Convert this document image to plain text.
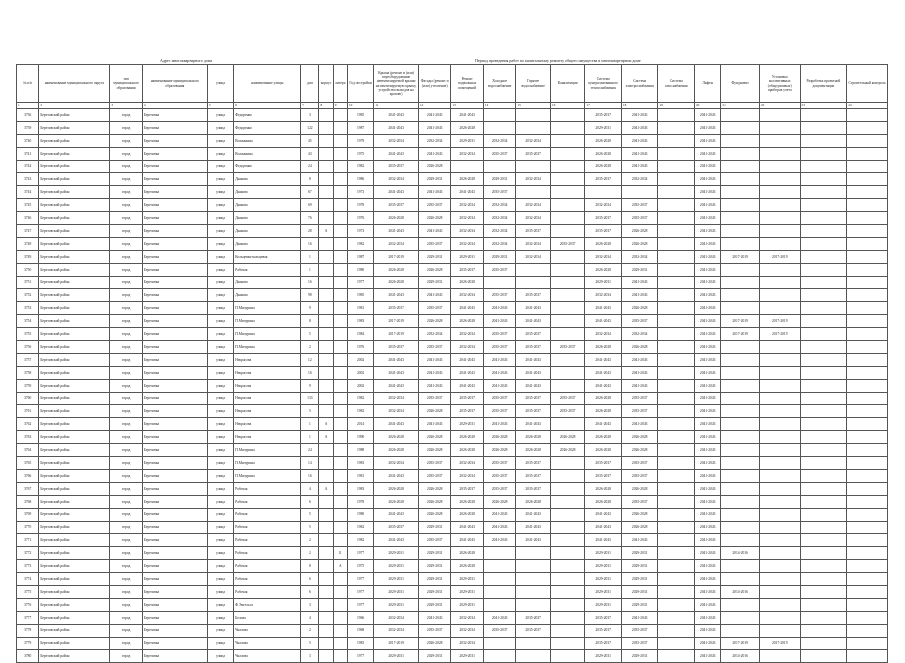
Адрес многоквартирного дома	Период проведения работ по капитальному ремонту общего имущества в многоквартирном доме
№ п/п	наименование муниципального округа	тип муниципального образования	наименование муниципального образования	улица	наименование улицы	дом	корпус	литера	Год постройки	Крыша (ремонт и (или) переоборудование невентилируемой крыши на вентилируемую крышу, устройство выходов на кровлю)	Фасады (ремонт и (или) утепление)	Ремонт подвальных помещений	Холодное водоснабжение	Горячее водоснабжение	Канализация	Система централизованного теплоснабжения	Система электроснабжения	Система газоснабжения	Лифты	Фундамент	Установка коллективных (общедомовых) приборов учета	Разработка проектной документации	Строительный контроль
1	2	3	4	5	6	7	8	9	10	11	12	13	14	15	16	17	18	19	20	21	22	23	24
3736	Березовский район	город	Березовка	улица	Федоренко	3			1985	2041-2043	2041-2043	2041-2043				2035-2037	2041-2043		2041-2043				
3739	Березовский район	город	Березовка	улица	Федоренко	122			1987	2041-2043	2041-2043	2026-2028				2029-2031	2041-2043		2041-2043				
3740	Березовский район	город	Березовка	улица	Волжанина	45			1979	2032-2034	2032-2034	2029-2031	2032-2034	2032-2034		2026-2028	2041-2043		2041-2043				
3741	Березовский район	город	Березовка	улица	Волжанина	43			1975	2041-2043	2041-2043	2032-2034	2035-2037	2035-2037		2026-2028	2041-2043		2041-2043				
3742	Березовский район	город	Березовка	улица	Федоренко	24			1982	2035-2037	2026-2028					2026-2028	2041-2043		2041-2043				
3743	Березовский район	город	Березовка	улица	Дьякова	8			1986	2032-2034	2029-2031	2026-2028	2029-2031	2032-2034		2035-2037	2032-2034		2041-2043				
3744	Березовский район	город	Березовка	улица	Дьякова	67			1973	2041-2043	2041-2043	2041-2043	2035-2037						2041-2043				
3745	Березовский район	город	Березовка	улица	Дьякова	69			1978	2035-2037	2035-2037	2032-2034	2032-2034	2032-2034		2032-2034	2035-2037		2041-2043				
3746	Березовский район	город	Березовка	улица	Дьякова	76			1976	2026-2028	2026-2028	2032-2034	2032-2034	2032-2034		2035-2037	2035-2037		2041-2043				
3747	Березовский район	город	Березовка	улица	Дьякова	28	А		1973	2041-2043	2041-2043	2032-2034	2032-2034	2035-2037		2035-2037	2026-2028		2041-2043				
3748	Березовский район	город	Березовка	улица	Дьякова	16			1982	2032-2034	2035-2037	2032-2034	2032-2034	2032-2034	2035-2037	2026-2028	2026-2028		2041-2043				
3749	Березовский район	город	Березовка	улица	Кольцевая-кольцевая	1			1987	2017-2019	2029-2031	2029-2031	2029-2031	2032-2034		2032-2034	2032-2034		2041-2043	2017-2019	2017-2019		
3750	Березовский район	город	Березовка	улица	Рабочая	1			1980	2026-2028	2026-2028	2035-2037	2035-2037			2026-2028	2029-2031		2041-2043				
3751	Березовский район	город	Березовка	улица	Дьякова	16			1977	2026-2028	2029-2031	2026-2028				2029-2031	2041-2043		2041-2043				
3752	Березовский район	город	Березовка	улица	Дьякова	98			1985	2041-2043	2041-2043	2032-2034	2035-2037	2035-2037		2032-2034	2041-2043		2041-2043				
3753	Березовский район	город	Березовка	улица	П.Мичурина	9			1981	2035-2037	2035-2037	2041-2043	2041-2043	2041-2043		2041-2043	2026-2028		2041-2043				
3754	Березовский район	город	Березовка	улица	П.Мичурина	8			1983	2017-2019	2026-2028	2026-2028	2041-2043	2041-2043		2041-2043	2035-2037		2041-2043	2017-2019	2017-2019		
3755	Березовский район	город	Березовка	улица	П.Мичурина	5			1984	2017-2019	2032-2034	2032-2034	2035-2037	2035-2037		2032-2034	2032-2034		2041-2043	2017-2019	2017-2019		
3756	Березовский район	город	Березовка	улица	П.Мичурина	2			1976	2035-2037	2035-2037	2032-2034	2035-2037	2035-2037	2035-2037	2026-2028	2026-2028		2041-2043				
3757	Березовский район	город	Березовка	улица	Некрасова	12			2002	2041-2043	2041-2043	2041-2043	2041-2043	2041-2043		2041-2043	2041-2043		2041-2043				
3758	Березовский район	город	Березовка	улица	Некрасова	16			2002	2041-2043	2041-2043	2041-2043	2041-2043	2041-2043		2041-2043	2041-2043		2041-2043				
3759	Березовский район	город	Березовка	улица	Некрасова	9			2002	2041-2043	2041-2043	2041-2043	2041-2043	2041-2043		2041-2043	2041-2043		2041-2043				
3760	Березовский район	город	Березовка	улица	Некрасова	133			1982	2032-2034	2035-2037	2035-2037	2035-2037	2035-2037	2035-2037	2026-2028	2035-2037		2041-2043				
3761	Березовский район	город	Березовка	улица	Некрасова	5			1982	2032-2034	2026-2028	2035-2037	2035-2037	2035-2037	2035-2037	2026-2028	2035-2037		2041-2043				
3762	Березовский район	город	Березовка	улица	Некрасова	1	А		2014	2041-2043	2041-2043	2029-2031	2041-2043	2041-2043		2041-2043	2041-2043		2041-2043				
3763	Березовский район	город	Березовка	улица	Некрасова	1	А		1990	2026-2028	2026-2028	2026-2028	2026-2028	2026-2028	2026-2028	2026-2028	2026-2028		2041-2043				
3764	Березовский район	город	Березовка	улица	П.Мичурина	24			1988	2026-2028	2026-2028	2026-2028	2026-2028	2026-2028	2026-2028	2026-2028	2026-2028		2041-2043				
3765	Березовский район	город	Березовка	улица	П.Мичурина	14			1983	2032-2034	2035-2037	2032-2034	2035-2037	2035-2037		2035-2037	2035-2037		2041-2043				
3766	Березовский район	город	Березовка	улица	П.Мичурина	16			1981	2041-2043	2035-2037	2032-2034	2035-2037	2035-2037		2035-2037	2035-2037		2041-2043				
3767	Березовский район	город	Березовка	улица	Рабочая	4	А		1983	2026-2028	2026-2028	2035-2037	2035-2037	2035-2037		2026-2028	2026-2028		2041-2043				
3768	Березовский район	город	Березовка	улица	Рабочая	6			1978	2026-2028	2026-2028	2026-2028	2026-2028	2026-2028		2026-2028	2035-2037		2041-2043				
3769	Березовский район	город	Березовка	улица	Рабочая	5			1980	2041-2043	2026-2028	2026-2028	2041-2043	2041-2043		2041-2043	2026-2028		2041-2043				
3770	Березовский район	город	Березовка	улица	Рабочая	5			1982	2035-2037	2029-2031	2041-2043	2041-2043	2041-2043		2041-2043	2026-2028		2041-2043				
3771	Березовский район	город	Березовка	улица	Рабочая	2			1982	2041-2043	2035-2037	2041-2043	2041-2043	2041-2043		2041-2043	2041-2043		2041-2043				
3772	Березовский район	город	Березовка	улица	Рабочая	2		Б	1977	2029-2031	2029-2031	2026-2028				2029-2031	2029-2031		2041-2043	2014-2016			
3773	Березовский район	город	Березовка	улица	Рабочая	8		А	1975	2029-2031	2029-2031	2026-2028				2029-2031	2029-2031		2041-2043				
3774	Березовский район	город	Березовка	улица	Рабочая	6			1977	2029-2031	2029-2031	2029-2031				2029-2031	2029-2031		2041-2043				
3775	Березовский район	город	Березовка	улица	Рабочая	6			1977	2029-2031	2029-2031	2029-2031				2029-2031	2029-2031		2041-2043	2014-2016			
3776	Березовский район	город	Березовка	улица	Ф.Энгельса	3			1977	2029-2031	2029-2031	2029-2031				2029-2031	2029-2031		2041-2043				
3777	Березовский район	город	Березовка	улица	Белова	4			1966	2032-2034	2041-2043	2032-2034	2041-2043	2035-2037		2035-2037	2041-2043		2041-2043				
3778	Березовский район	город	Березовка	улица	Чкалова	2			1968	2032-2034	2035-2037	2032-2034	2035-2037	2035-2037		2035-2037	2035-2037		2041-2043				
3779	Березовский район	город	Березовка	улица	Чкалова	5			1983	2017-2019	2026-2028	2032-2034				2035-2037	2035-2037		2041-2043	2017-2019	2017-2019		
3780	Березовский район	город	Березовка	улица	Чкалова	3			1977	2029-2031	2029-2031	2029-2031				2029-2031	2029-2031		2041-2043	2014-2016			
